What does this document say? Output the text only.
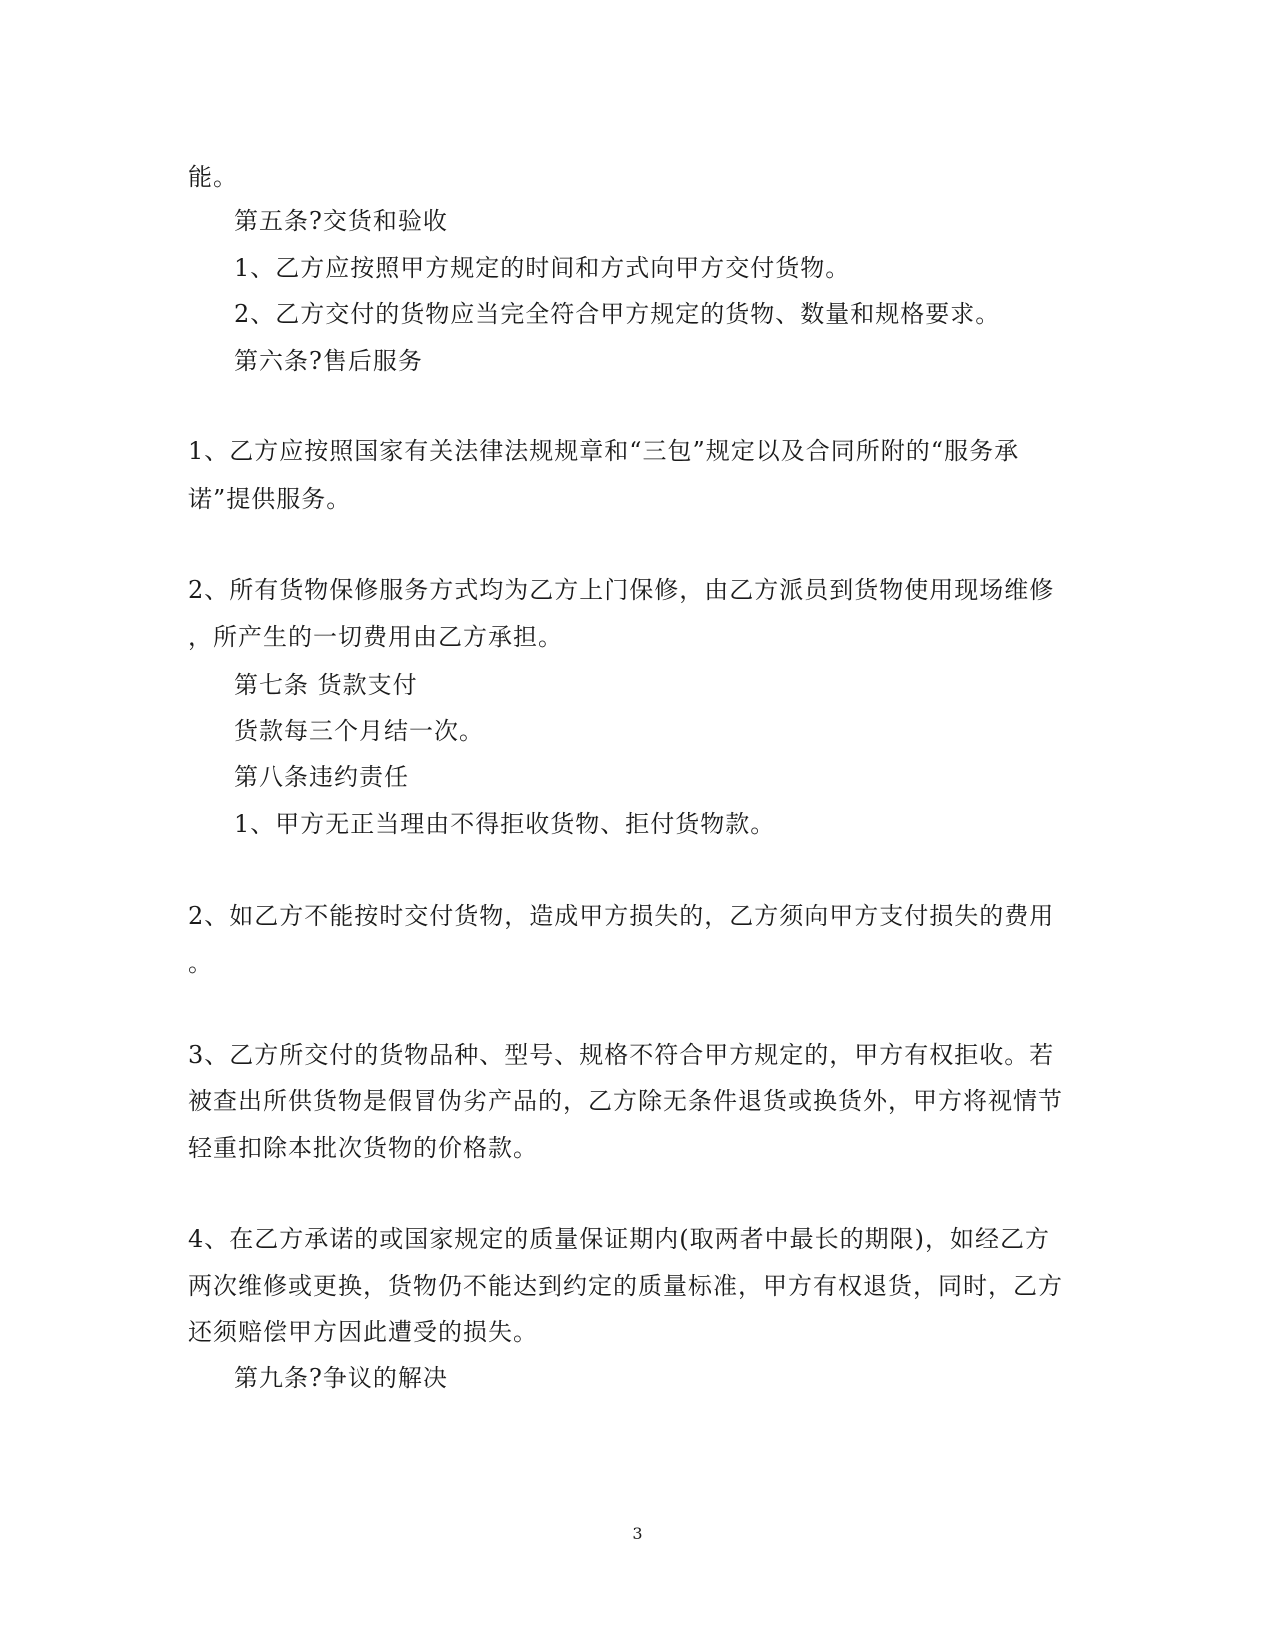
能。
第五条?交货和验收
1、乙方应按照甲方规定的时间和方式向甲方交付货物。
2、乙方交付的货物应当完全符合甲方规定的货物、数量和规格要求。
第六条?售后服务
1、乙方应按照国家有关法律法规规章和“三包”规定以及合同所附的“服务承
诺”提供服务。
2、所有货物保修服务方式均为乙方上门保修，由乙方派员到货物使用现场维修
，所产生的一切费用由乙方承担。
第七条 货款支付
货款每三个月结一次。
第八条违约责任
1、甲方无正当理由不得拒收货物、拒付货物款。
2、如乙方不能按时交付货物，造成甲方损失的，乙方须向甲方支付损失的费用
。
3、乙方所交付的货物品种、型号、规格不符合甲方规定的，甲方有权拒收。若
被查出所供货物是假冒伪劣产品的，乙方除无条件退货或换货外，甲方将视情节
轻重扣除本批次货物的价格款。
4、在乙方承诺的或国家规定的质量保证期内(取两者中最长的期限)，如经乙方
两次维修或更换，货物仍不能达到约定的质量标准，甲方有权退货，同时，乙方
还须赔偿甲方因此遭受的损失。
第九条?争议的解决
3
